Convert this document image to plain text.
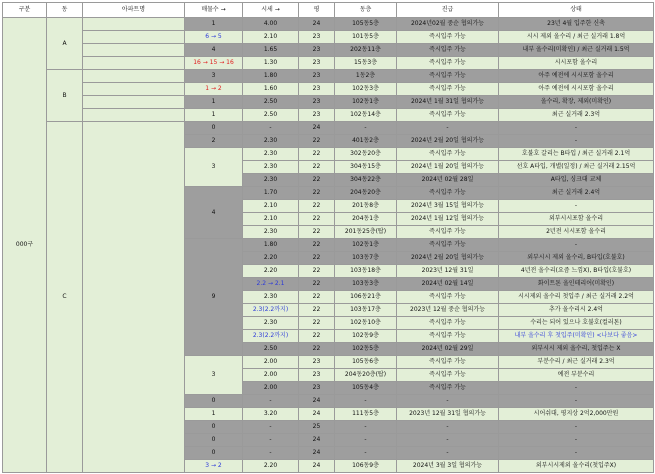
구분	동	아파트명	매물수 →	시세 →	평	동층	진급	상태
000구	A		1	4.00	24	105동5층	2024년02월 중순 협의가능	23년 4월 입주한 신축
			6 → 5	2.10	23	101동5층	즉시입주 가능	시시 제외 올수리 / 최근 실거래 1.8억
			4	1.65	23	202동11층	즉시입주 가능	내부 올수리(미확인) / 최근 실거래 1.5억
			16 → 15 → 16	1.30	23	15동3층	즉시입주 가능	시시포함 올수리
	B		3	1.80	23	1동2층	즉시입주 가능	아주 예전에 시시포함 올수리
			1 → 2	1.60	23	102동3층	즉시입주 가능	아주 예전에 시시포함 올수리
			1	2.50	23	102동1층	2024년 1월 31일 협의가능	올수리, 확장, 제외(미확인)
			1	2.50	23	102동14층	즉시입주 가능	최근 실거래 2.3억
	C		0	-	24	-	-	-
			2	2.30	22	401동2층	2024년 2월 20일 협의가능	-
			3	2.30	22	302동20층	즉시입주 가능	호불호 갈리는 B타입 / 최근 실거래 2.1억
				2.30	22	304동15층	2024년 1월 20일 협의가능	선호 A타입, 개별(일정) / 최근 실거래 2.15억
				2.30	22	304동22층	2024년 02월 28일	A타입, 싱크대 교체
			4	1.70	22	204동20층	즉시입주 가능	최근 실거래 2.4억
				2.10	22	201동8층	2024년 3월 15일 협의가능	-
				2.10	22	204동1층	2024년 1월 12일 협의가능	외부시시포함 올수리
				2.30	22	201동25층(탑)	즉시입주 가능	2년전 시시포함 올수리
			9	1.80	22	102동1층	즉시입주 가능	-
				2.20	22	103동7층	2024년 2월 20일 협의가능	외부시시 제외 올수리, B타입(호불호)
				2.20	22	103동18층	2023년 12월 31일	4년전 올수리(요즘 느낌X), B타입(호불호)
				2.2 → 2.1	22	103동3층	2024년 02월 14일	화이트톤 올인테리어(미확인)
				2.30	22	106동21층	즉시입주 가능	시시제외 올수리 첫입주 / 최근 실거래 2.2억
				2.3(2.2까지)	22	103동17층	2023년 12월 중순 협의가능	추가 올수리시 2.4억
				2.30	22	102동10층	즉시입주 가능	수리는 되어 있으나 호불호(컬러톤)
				2.3(2.2까지)	22	102동9층	즉시입주 가능	내부 올수리 후 첫입주(미확인) <나보다 좋음>
				2.50	22	102동5층	2024년 02월 29일	외부시시 제외 올수리, 첫입주는 X
			3	2.00	23	105동6층	즉시입주 가능	부분수리 / 최근 실거래 2.3억
				2.00	23	204동20층(탑)	즉시입주 가능	예전 부분수리
				2.00	23	105동4층	즉시입주 가능	-
			0	-	24	-	-	-
			1	3.20	24	111동5층	2023년 12월 31일 협의가능	시어쉬대, 평지상 2억2,000만원
			0	-	25	-	-	-
			0	-	24	-	-	-
			0	-	24	-	-	-
			3 → 2	2.20	24	106동9층	2024년 3월 3일 협의가능	외부시시제외 올수리(첫입주X)
